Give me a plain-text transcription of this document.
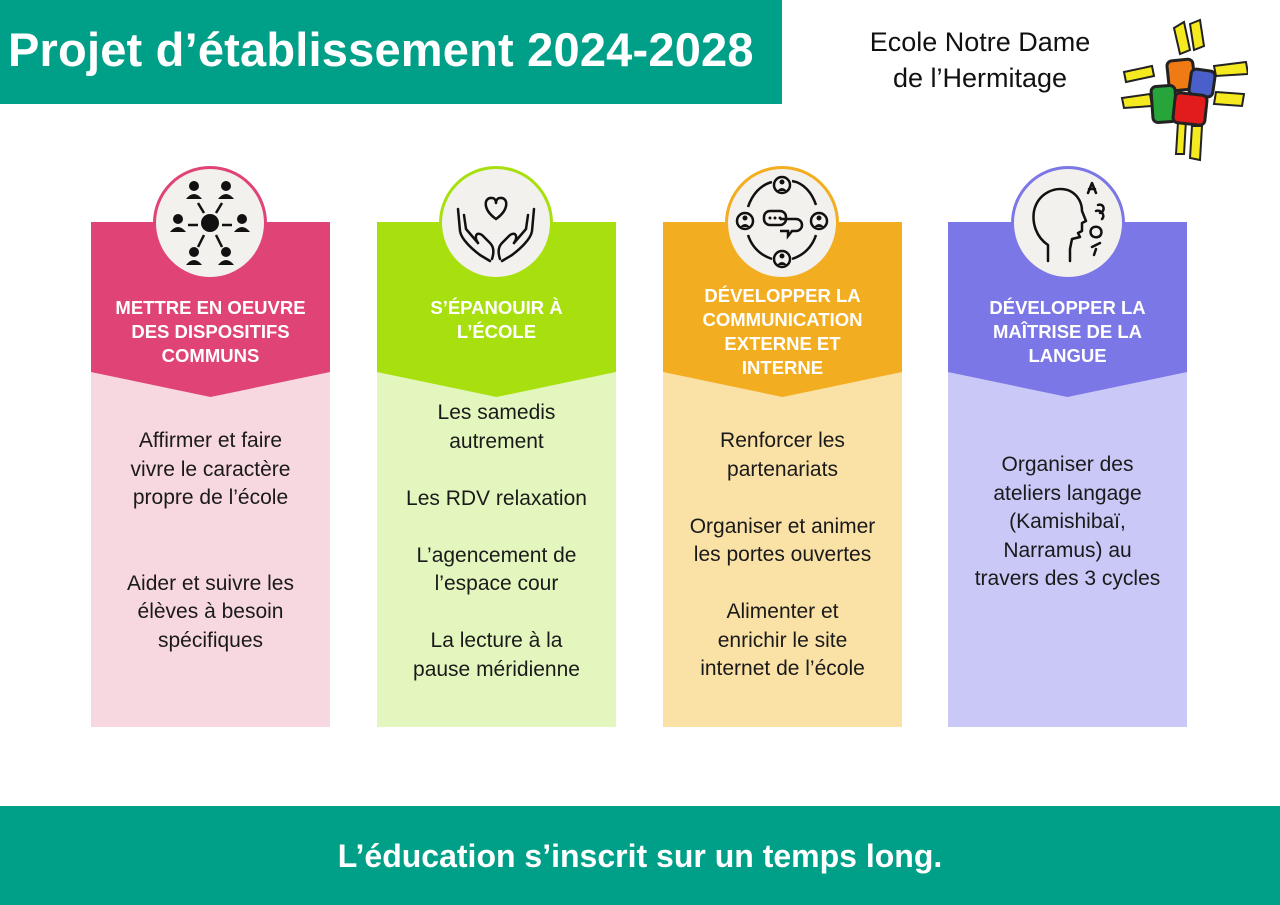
Projet d’établissement 2024-2028	Ecole Notre Dame
de l’Hermitage
METTRE EN OEUVRE
DES DISPOSITIFS
COMMUNS

Affirmer et faire

vivre le caractère

propre de l’école

Aider et suivre les

élèves à besoin

spécifiques

S’ÉPANOUIR À
L’ÉCOLE

Les samedis

autrement

Les RDV relaxation

L’agencement de

l’espace cour

La lecture à la

pause méridienne

DÉVELOPPER LA
COMMUNICATION
EXTERNE ET
INTERNE

Renforcer les

partenariats

Organiser et animer

les portes ouvertes

Alimenter et

enrichir le site

internet de l’école

DÉVELOPPER LA
MAÎTRISE DE LA
LANGUE

Organiser des

ateliers langage

(Kamishibaï,

Narramus) au

travers des 3 cycles

L’éducation s’inscrit sur un temps long.
